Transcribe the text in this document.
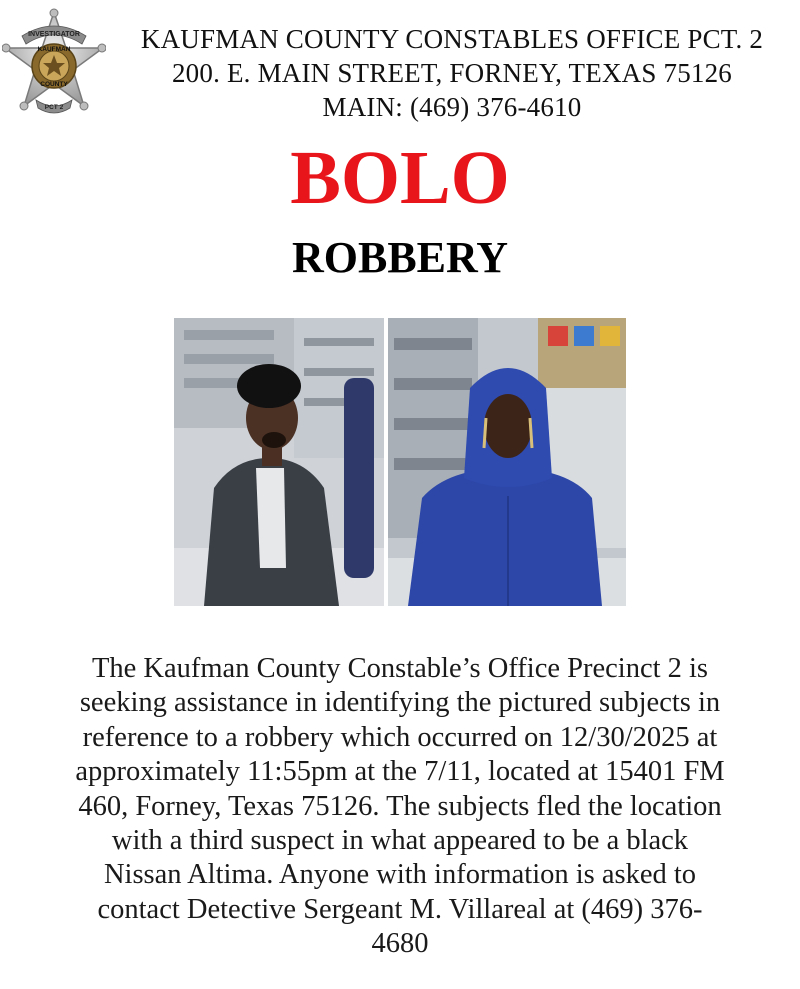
INVESTIGATOR
KAUFMAN
COUNTY
PCT 2
KAUFMAN COUNTY CONSTABLES OFFICE PCT. 2
200. E. MAIN STREET, FORNEY, TEXAS 75126
MAIN: (469) 376-4610
BOLO
ROBBERY
The Kaufman County Constable’s Office Precinct 2 is
seeking assistance in identifying the pictured subjects in
reference to a robbery which occurred on 12/30/2025 at
approximately 11:55pm at the 7/11, located at 15401 FM
460, Forney, Texas 75126. The subjects fled the location
with a third suspect in what appeared to be a black
Nissan Altima. Anyone with information is asked to
contact Detective Sergeant M. Villareal at (469) 376-
4680
